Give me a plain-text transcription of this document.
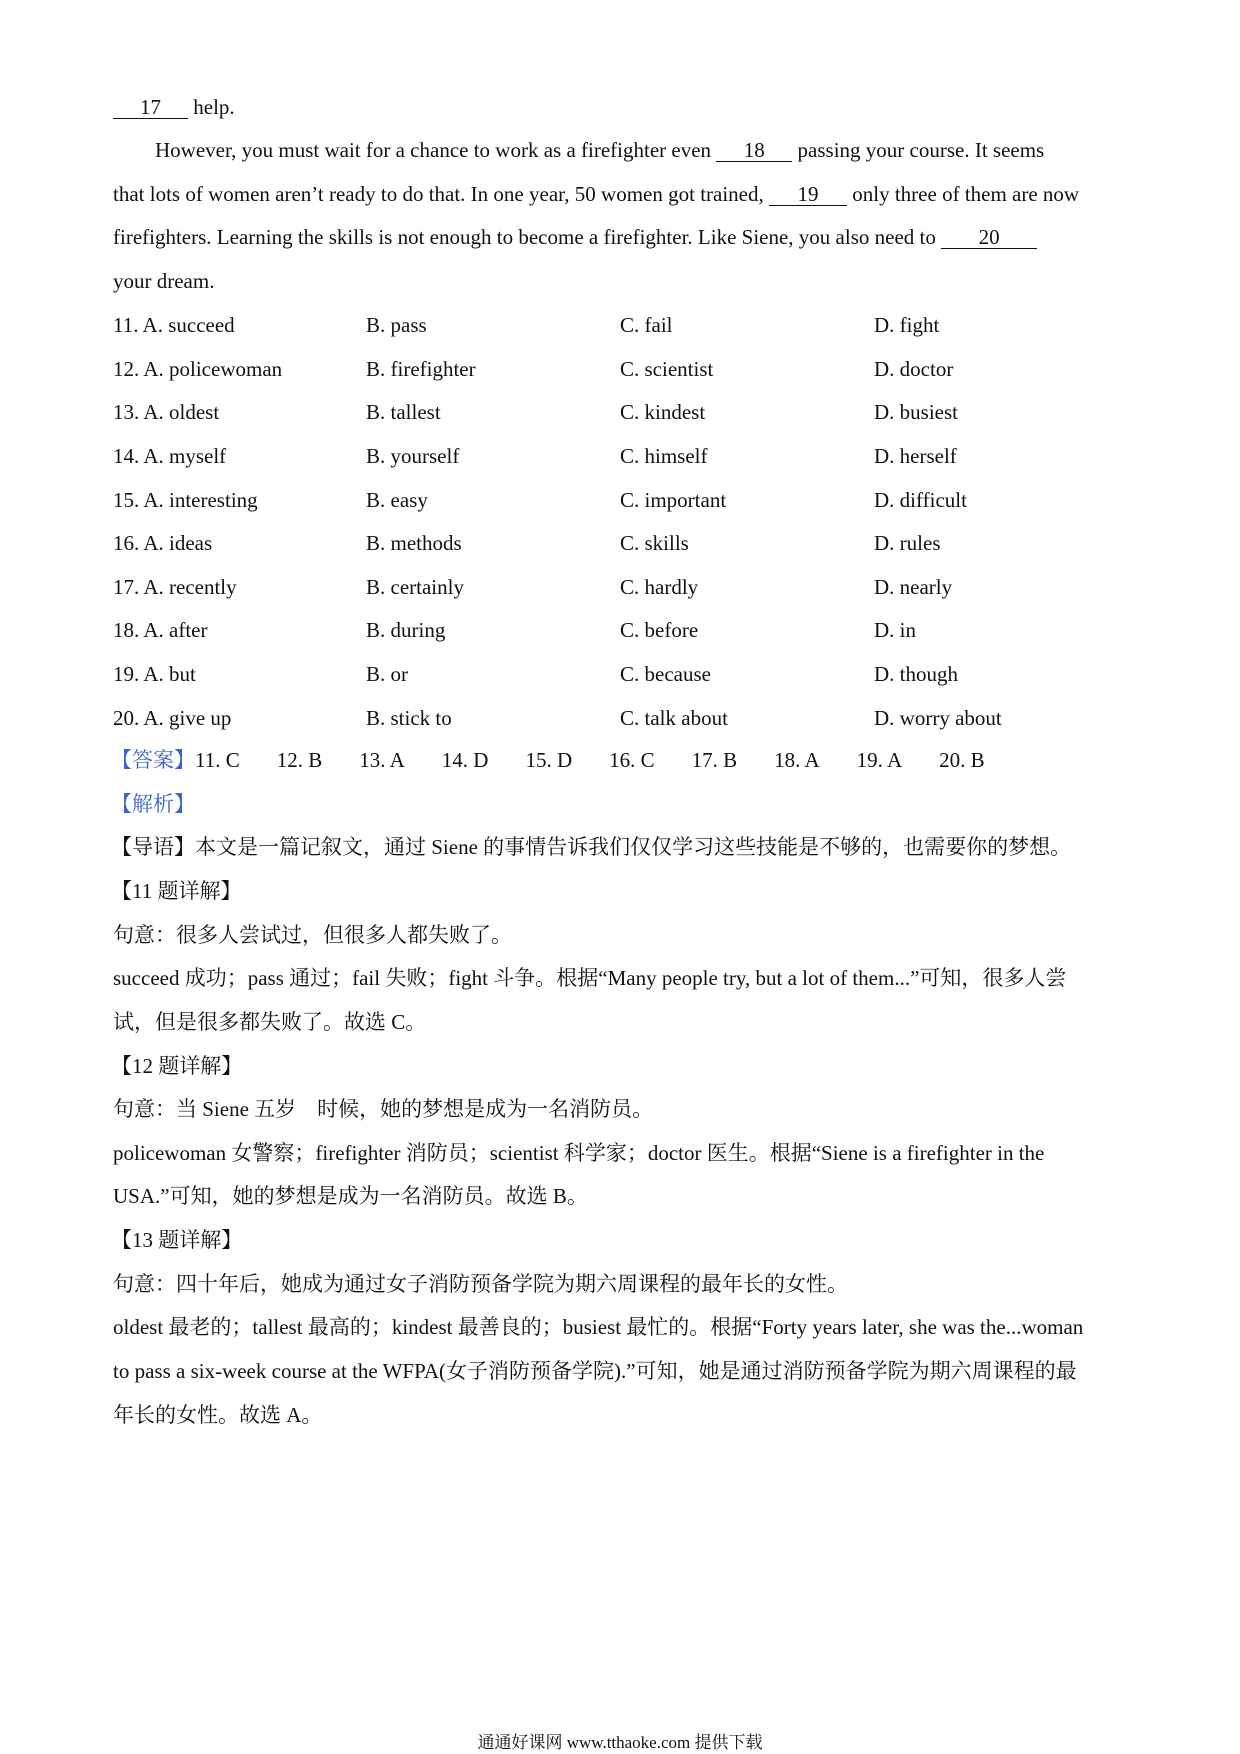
17 help.
However, you must wait for a chance to work as a firefighter even 18 passing your course. It seems
that lots of women aren’t ready to do that. In one year, 50 women got trained, 19 only three of them are now
firefighters. Learning the skills is not enough to become a firefighter. Like Siene, you also need to 20
your dream.
11. A. succeed	B. pass	C. fail	D. fight
12. A. policewoman	B. firefighter	C. scientist	D. doctor
13. A. oldest	B. tallest	C. kindest	D. busiest
14. A. myself	B. yourself	C. himself	D. herself
15. A. interesting	B. easy	C. important	D. difficult
16. A. ideas	B. methods	C. skills	D. rules
17. A. recently	B. certainly	C. hardly	D. nearly
18. A. after	B. during	C. before	D. in
19. A. but	B. or	C. because	D. though
20. A. give up	B. stick to	C. talk about	D. worry about
【答案】11. C 12. B 13. A 14. D 15. D 16. C 17. B 18. A 19. A 20. B
【解析】
【导语】本文是一篇记叙文，通过 Siene 的事情告诉我们仅仅学习这些技能是不够的，也需要你的梦想。
【11 题详解】
句意：很多人尝试过，但很多人都失败了。
succeed 成功；pass 通过；fail 失败；fight 斗争。根据“Many people try, but a lot of them...”可知，很多人尝
试，但是很多都失败了。故选 C。
【12 题详解】
句意：当 Siene 五岁    时候，她的梦想是成为一名消防员。
policewoman 女警察；firefighter 消防员；scientist 科学家；doctor 医生。根据“Siene is a firefighter in the
USA.”可知，她的梦想是成为一名消防员。故选 B。
【13 题详解】
句意：四十年后，她成为通过女子消防预备学院为期六周课程的最年长的女性。
oldest 最老的；tallest 最高的；kindest 最善良的；busiest 最忙的。根据“Forty years later, she was the...woman
to pass a six-week course at the WFPA(女子消防预备学院).”可知，她是通过消防预备学院为期六周课程的最
年长的女性。故选 A。
通通好课网 www.tthaoke.com 提供下载
